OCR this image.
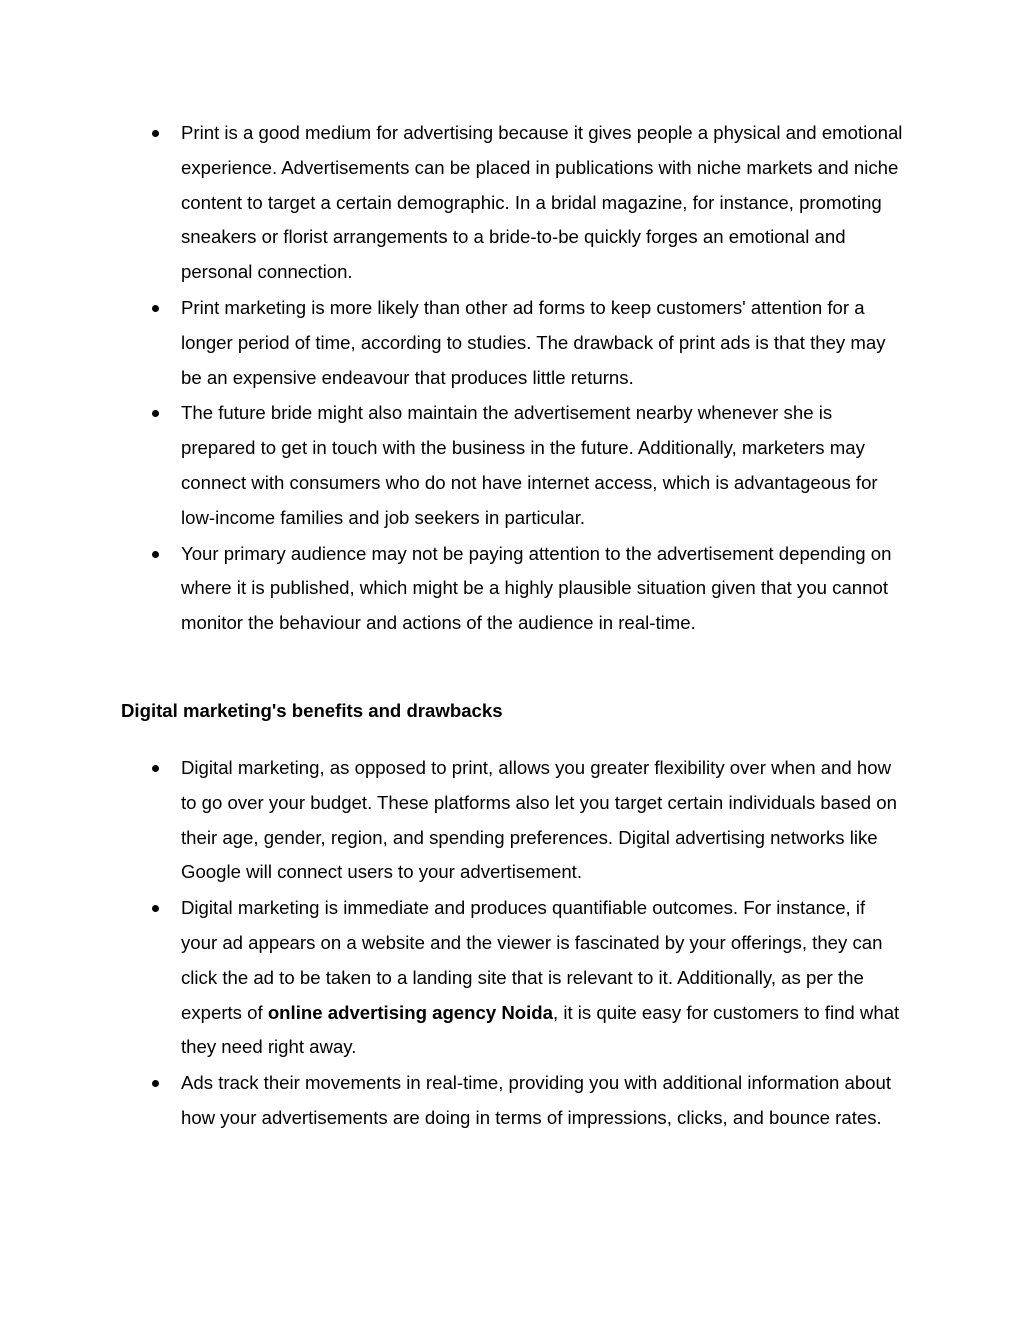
Print is a good medium for advertising because it gives people a physical and emotional experience. Advertisements can be placed in publications with niche markets and niche content to target a certain demographic. In a bridal magazine, for instance, promoting sneakers or florist arrangements to a bride-to-be quickly forges an emotional and personal connection.
Print marketing is more likely than other ad forms to keep customers' attention for a longer period of time, according to studies. The drawback of print ads is that they may be an expensive endeavour that produces little returns.
The future bride might also maintain the advertisement nearby whenever she is prepared to get in touch with the business in the future. Additionally, marketers may connect with consumers who do not have internet access, which is advantageous for low-income families and job seekers in particular.
Your primary audience may not be paying attention to the advertisement depending on where it is published, which might be a highly plausible situation given that you cannot monitor the behaviour and actions of the audience in real-time.
Digital marketing's benefits and drawbacks
Digital marketing, as opposed to print, allows you greater flexibility over when and how to go over your budget. These platforms also let you target certain individuals based on their age, gender, region, and spending preferences. Digital advertising networks like Google will connect users to your advertisement.
Digital marketing is immediate and produces quantifiable outcomes. For instance, if your ad appears on a website and the viewer is fascinated by your offerings, they can click the ad to be taken to a landing site that is relevant to it. Additionally, as per the experts of online advertising agency Noida, it is quite easy for customers to find what they need right away.
Ads track their movements in real-time, providing you with additional information about how your advertisements are doing in terms of impressions, clicks, and bounce rates.
